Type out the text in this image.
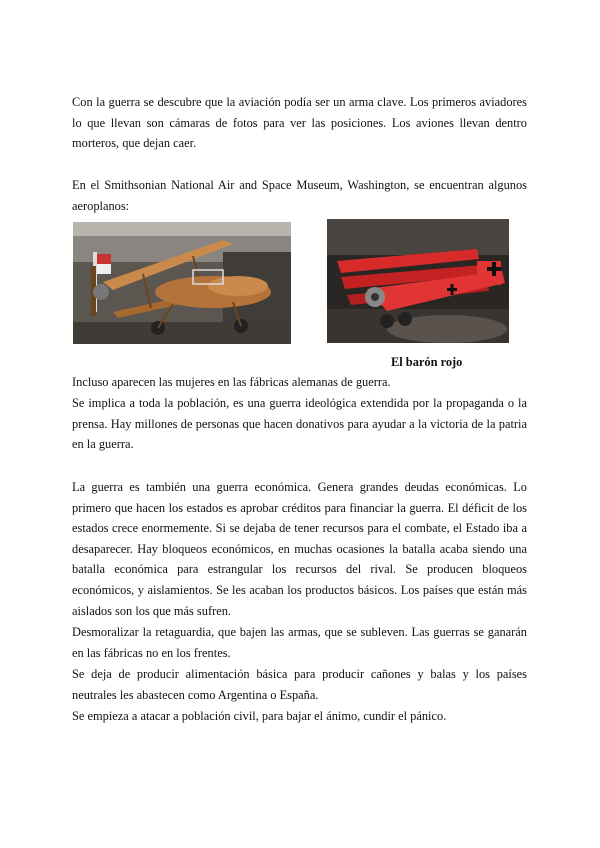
Con la guerra se descubre que la aviación podía ser un arma clave. Los primeros aviadores lo que llevan son cámaras de fotos para ver las posiciones. Los aviones llevan dentro morteros, que dejan caer.

En el Smithsonian National Air and Space Museum, Washington, se encuentran algunos aeroplanos:

El barón rojo

Incluso aparecen las mujeres en las fábricas alemanas de guerra.

Se implica a toda la población, es una guerra ideológica extendida por la propaganda o la prensa. Hay millones de personas que hacen donativos para ayudar a la victoria de la patria en la guerra.

La guerra es también una guerra económica. Genera grandes deudas económicas. Lo primero que hacen los estados es aprobar créditos para financiar la guerra. El déficit de los estados crece enormemente. Si se dejaba de tener recursos para el combate, el Estado iba a desaparecer. Hay bloqueos económicos, en muchas ocasiones la batalla acaba siendo una batalla económica para estrangular los recursos del rival. Se producen bloqueos económicos, y aislamientos. Se les acaban los productos básicos. Los países que están más aislados son los que más sufren.

Desmoralizar la retaguardia, que bajen las armas, que se subleven. Las guerras se ganarán en las fábricas no en los frentes.

Se deja de producir alimentación básica para producir cañones y balas y los países neutrales les abastecen como Argentina o España.

Se empieza a atacar a población civil, para bajar el ánimo, cundir el pánico.
